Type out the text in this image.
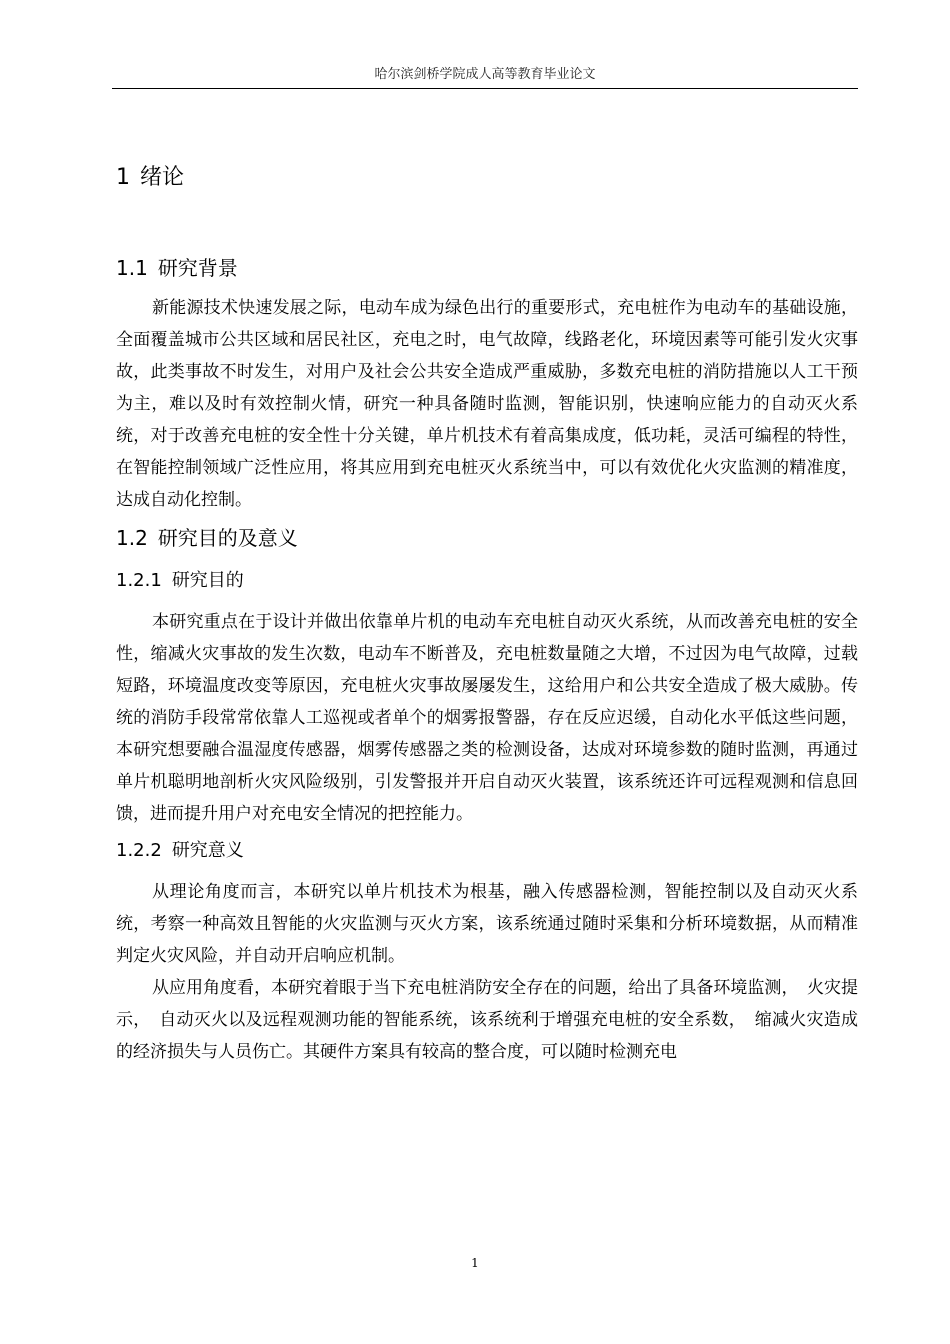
哈尔滨剑桥学院成人高等教育毕业论文
1 绪论
1.1 研究背景

新能源技术快速发展之际，电动车成为绿色出行的重要形式，充电桩作为电动车的基础设施，全面覆盖城市公共区域和居民社区，充电之时，电气故障，线路老化，环境因素等可能引发火灾事故，此类事故不时发生，对用户及社会公共安全造成严重威胁，多数充电桩的消防措施以人工干预为主，难以及时有效控制火情，研究一种具备随时监测，智能识别，快速响应能力的自动灭火系统，对于改善充电桩的安全性十分关键，单片机技术有着高集成度，低功耗，灵活可编程的特性，在智能控制领域广泛性应用，将其应用到充电桩灭火系统当中，可以有效优化火灾监测的精准度，达成自动化控制。

1.2 研究目的及意义
1.2.1 研究目的

本研究重点在于设计并做出依靠单片机的电动车充电桩自动灭火系统，从而改善充电桩的安全性，缩减火灾事故的发生次数，电动车不断普及，充电桩数量随之大增，不过因为电气故障，过载短路，环境温度改变等原因，充电桩火灾事故屡屡发生，这给用户和公共安全造成了极大威胁。传统的消防手段常常依靠人工巡视或者单个的烟雾报警器，存在反应迟缓，自动化水平低这些问题，本研究想要融合温湿度传感器，烟雾传感器之类的检测设备，达成对环境参数的随时监测，再通过单片机聪明地剖析火灾风险级别，引发警报并开启自动灭火装置，该系统还许可远程观测和信息回馈，进而提升用户对充电安全情况的把控能力。

1.2.2 研究意义

从理论角度而言，本研究以单片机技术为根基，融入传感器检测，智能控制以及自动灭火系统，考察一种高效且智能的火灾监测与灭火方案，该系统通过随时采集和分析环境数据，从而精准判定火灾风险，并自动开启响应机制。

从应用角度看，本研究着眼于当下充电桩消防安全存在的问题，给出了具备环境监测，　火灾提示，　自动灭火以及远程观测功能的智能系统，该系统利于增强充电桩的安全系数，　缩减火灾造成的经济损失与人员伤亡。其硬件方案具有较高的整合度，可以随时检测充电

1
